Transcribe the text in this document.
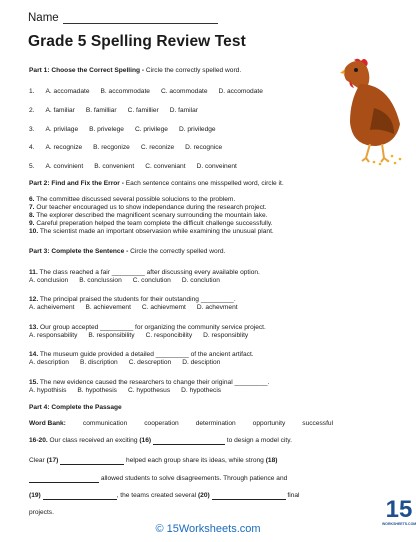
Name
Grade 5 Spelling Review Test
Part 1: Choose the Correct Spelling - Circle the correctly spelled word.
1. A. accomadate B. accommodate C. acommodate D. accomodate
2. A. familiar B. familliar C. famillier D. familar
3. A. privilage B. privelege C. privilege D. priviledge
4. A. recognize B. recgonize C. reconize D. recognice
5. A. convinient B. convenient C. conveniant D. conveinent
Part 2: Find and Fix the Error - Each sentence contains one misspelled word, circle it.
6. The committee discussed several possible solucions to the problem.
7. Our teacher encouraged us to show independance during the research project.
8. The explorer described the magnificent scenary surrounding the mountain lake.
9. Careful preperation helped the team complete the difficult challenge successfully.
10. The scientist made an important observasion while examining the unusual plant.
Part 3: Complete the Sentence - Circle the correctly spelled word.
11. The class reached a fair _________ after discussing every available option.
A. conclusion B. conclussion C. conclution D. conclution
12. The principal praised the students for their outstanding _________.
A. acheivement B. achievement C. achievmemt D. achevment
13. Our group accepted _________ for organizing the community service project.
A. responsability B. responsibility C. responcibility D. responsiblity
14. The museum guide provided a detailed _________ of the ancient artifact.
A. description B. discription C. descreption D. desciption
15. The new evidence caused the researchers to change their original _________.
A. hypothisis B. hypothesis C. hypothesus D. hypothecis
Part 4: Complete the Passage
Word Bank:	communication	cooperation	determination	opportunity	successful

16-20. Our class received an exciting (16)	to design a model city.

Clear (17)	helped each group share its ideas, while strong (18)

allowed students to solve disagreements. Through patience and

(19)	, the teams created several (20)	final

projects.

© 15Worksheets.com
15
WORKSHEETS.COM
